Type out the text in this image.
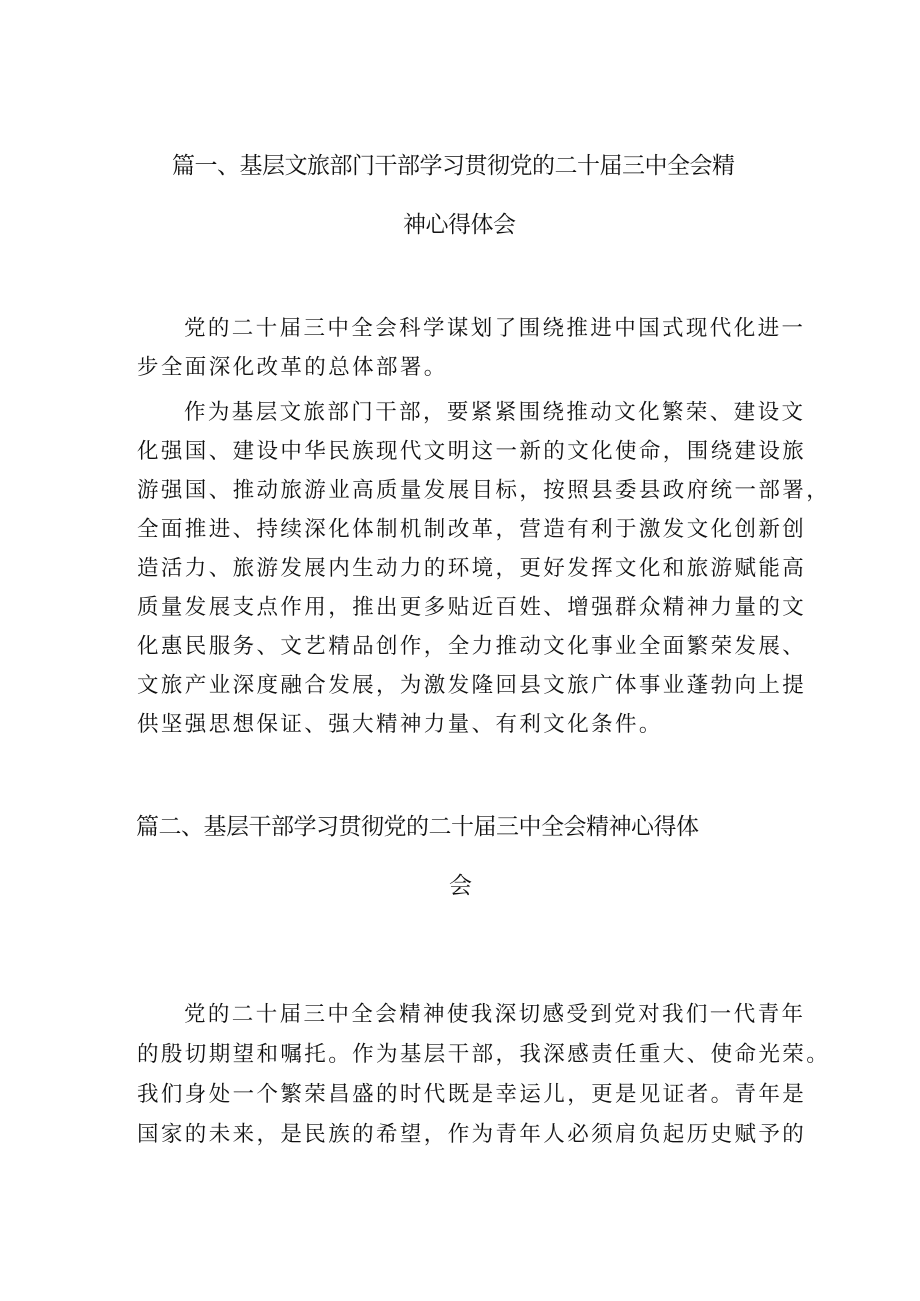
篇一、基层文旅部门干部学习贯彻党的二十届三中全会精
神心得体会
党的二十届三中全会科学谋划了围绕推进中国式现代化进一
步全面深化改革的总体部署。
作为基层文旅部门干部，要紧紧围绕推动文化繁荣、建设文
化强国、建设中华民族现代文明这一新的文化使命，围绕建设旅
游强国、推动旅游业高质量发展目标，按照县委县政府统一部署，
全面推进、持续深化体制机制改革，营造有利于激发文化创新创
造活力、旅游发展内生动力的环境，更好发挥文化和旅游赋能高
质量发展支点作用，推出更多贴近百姓、增强群众精神力量的文
化惠民服务、文艺精品创作，全力推动文化事业全面繁荣发展、
文旅产业深度融合发展，为激发隆回县文旅广体事业蓬勃向上提
供坚强思想保证、强大精神力量、有利文化条件。
篇二、基层干部学习贯彻党的二十届三中全会精神心得体
会
党的二十届三中全会精神使我深切感受到党对我们一代青年
的殷切期望和嘱托。作为基层干部，我深感责任重大、使命光荣。
我们身处一个繁荣昌盛的时代既是幸运儿，更是见证者。青年是
国家的未来，是民族的希望，作为青年人必须肩负起历史赋予的
